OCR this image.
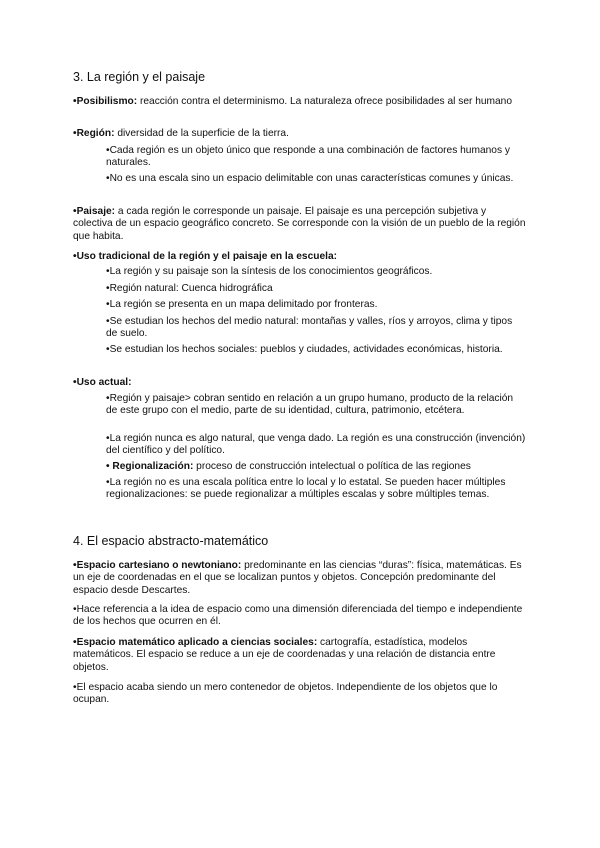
3. La región y el paisaje

•Posibilismo: reacción contra el determinismo. La naturaleza ofrece posibilidades al ser humano

•Región: diversidad de la superficie de la tierra.

•Cada región es un objeto único que responde a una combinación de factores humanos y naturales.

•No es una escala sino un espacio delimitable con unas características comunes y únicas.

•Paisaje: a cada región le corresponde un paisaje. El paisaje es una percepción subjetiva y colectiva de un espacio geográfico concreto. Se corresponde con la visión de un pueblo de la región que habita.

•Uso tradicional de la región y el paisaje en la escuela:

•La región y su paisaje son la síntesis de los conocimientos geográficos.

•Región natural: Cuenca hidrográfica

•La región se presenta en un mapa delimitado por fronteras.

•Se estudian los hechos del medio natural: montañas y valles, ríos y arroyos, clima y tipos de suelo.

•Se estudian los hechos sociales: pueblos y ciudades, actividades económicas, historia.

•Uso actual:

•Región y paisaje> cobran sentido en relación a un grupo humano, producto de la relación de este grupo con el medio, parte de su identidad, cultura, patrimonio, etcétera.

•La región nunca es algo natural, que venga dado. La región es una construcción (invención) del científico y del político.

• Regionalización: proceso de construcción intelectual o política de las regiones

•La región no es una escala política entre lo local y lo estatal. Se pueden hacer múltiples regionalizaciones: se puede regionalizar a múltiples escalas y sobre múltiples temas.

4. El espacio abstracto-matemático

•Espacio cartesiano o newtoniano: predominante en las ciencias “duras”: física, matemáticas. Es un eje de coordenadas en el que se localizan puntos y objetos. Concepción predominante del espacio desde Descartes.

•Hace referencia a la idea de espacio como una dimensión diferenciada del tiempo e independiente de los hechos que ocurren en él.

•Espacio matemático aplicado a ciencias sociales: cartografía, estadística, modelos matemáticos. El espacio se reduce a un eje de coordenadas y una relación de distancia entre objetos.

•El espacio acaba siendo un mero contenedor de objetos. Independiente de los objetos que lo ocupan.
